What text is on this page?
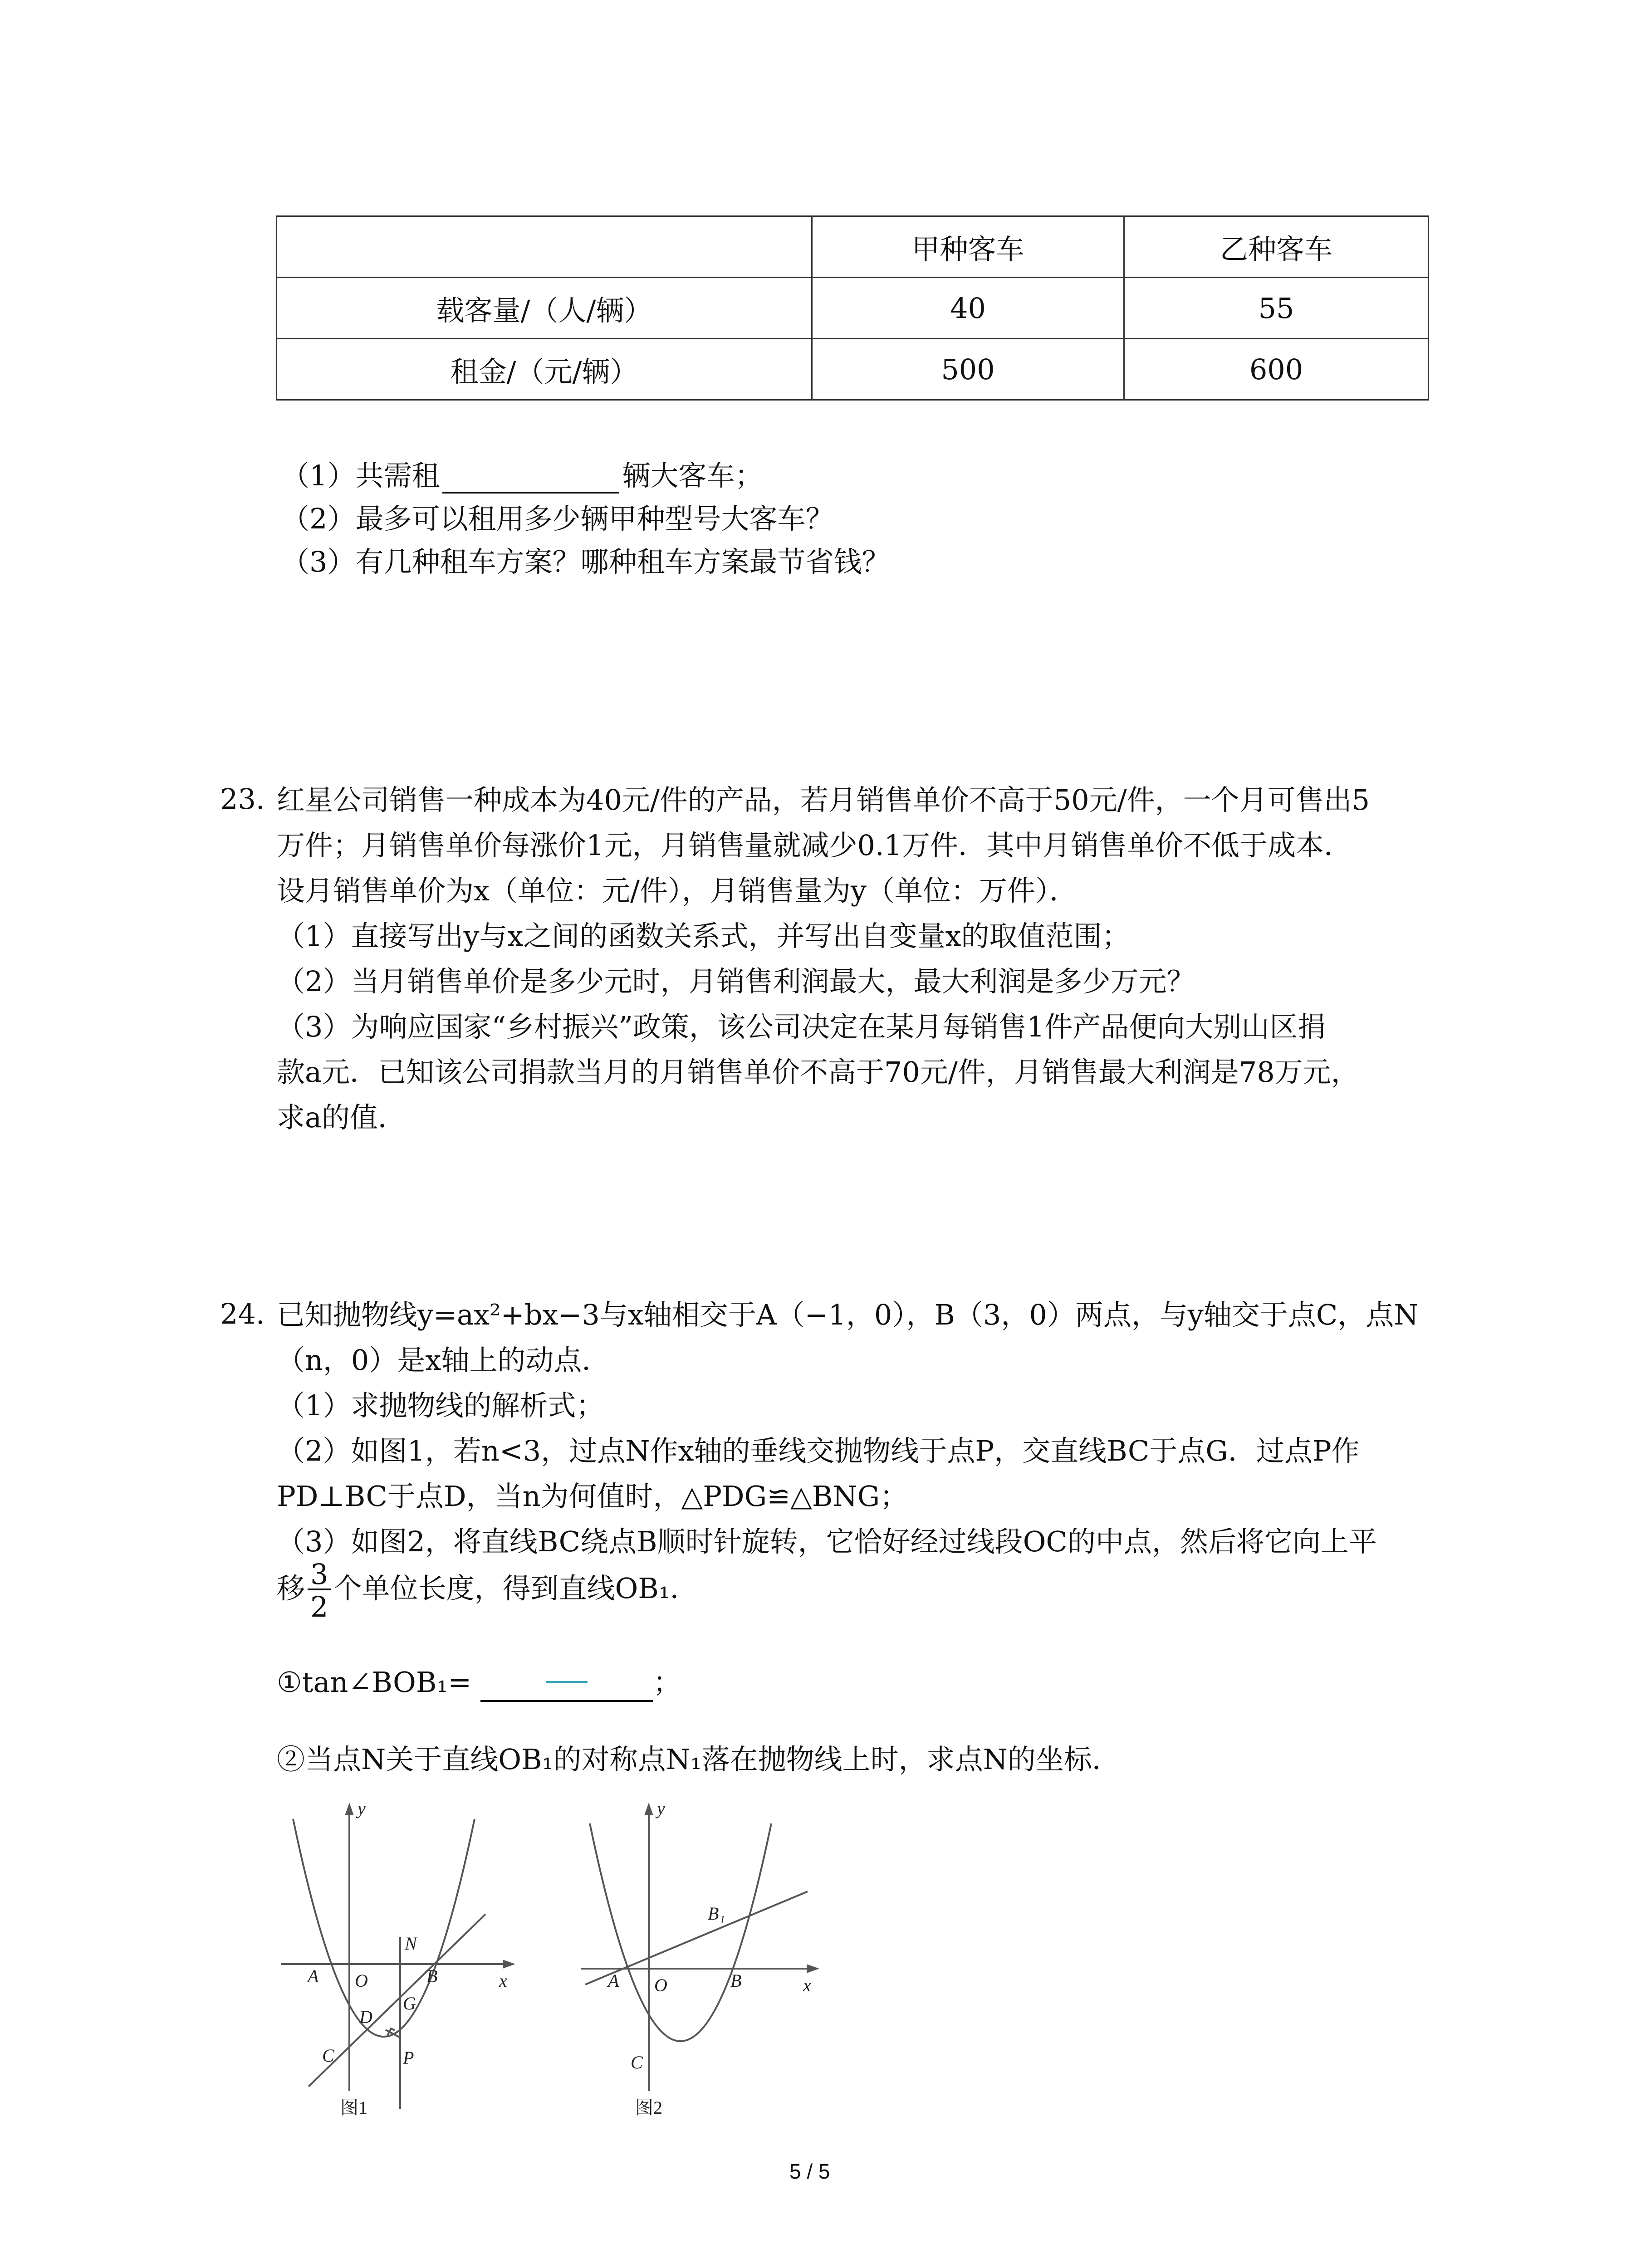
	甲种客车	乙种客车
载客量/（人/辆）	40	55
租金/（元/辆）	500	600
（1）共需租	辆大客车；
（2）最多可以租用多少辆甲种型号大客车？
（3）有几种租车方案？哪种租车方案最节省钱？
23. 红星公司销售一种成本为40元/件的产品，若月销售单价不高于50元/件，一个月可售出5
万件；月销售单价每涨价1元，月销售量就减少0.1万件．其中月销售单价不低于成本．
设月销售单价为x（单位：元/件），月销售量为y（单位：万件）．
（1）直接写出y与x之间的函数关系式，并写出自变量x的取值范围；
（2）当月销售单价是多少元时，月销售利润最大，最大利润是多少万元？
（3）为响应国家“乡村振兴”政策，该公司决定在某月每销售1件产品便向大别山区捐
款a元．已知该公司捐款当月的月销售单价不高于70元/件，月销售最大利润是78万元，
求a的值．
24. 已知抛物线y=ax²+bx−3与x轴相交于A（−1，0），B（3，0）两点，与y轴交于点C，点N
（n，0）是x轴上的动点．
（1）求抛物线的解析式；
（2）如图1，若n<3，过点N作x轴的垂线交抛物线于点P，交直线BC于点G．过点P作
PD⊥BC于点D，当n为何值时，△PDG≌△BNG；
（3）如图2，将直线BC绕点B顺时针旋转，它恰好经过线段OC的中点，然后将它向上平
移 $\frac{3}{2}$ 个单位长度，得到直线OB₁．
①tan∠BOB₁=	；
②当点N关于直线OB₁的对称点N₁落在抛物线上时，求点N的坐标．
y
x
A O	B
C
N
D
G
P
图1
y
x
A O	B
C
B₁
图2
5 / 5
